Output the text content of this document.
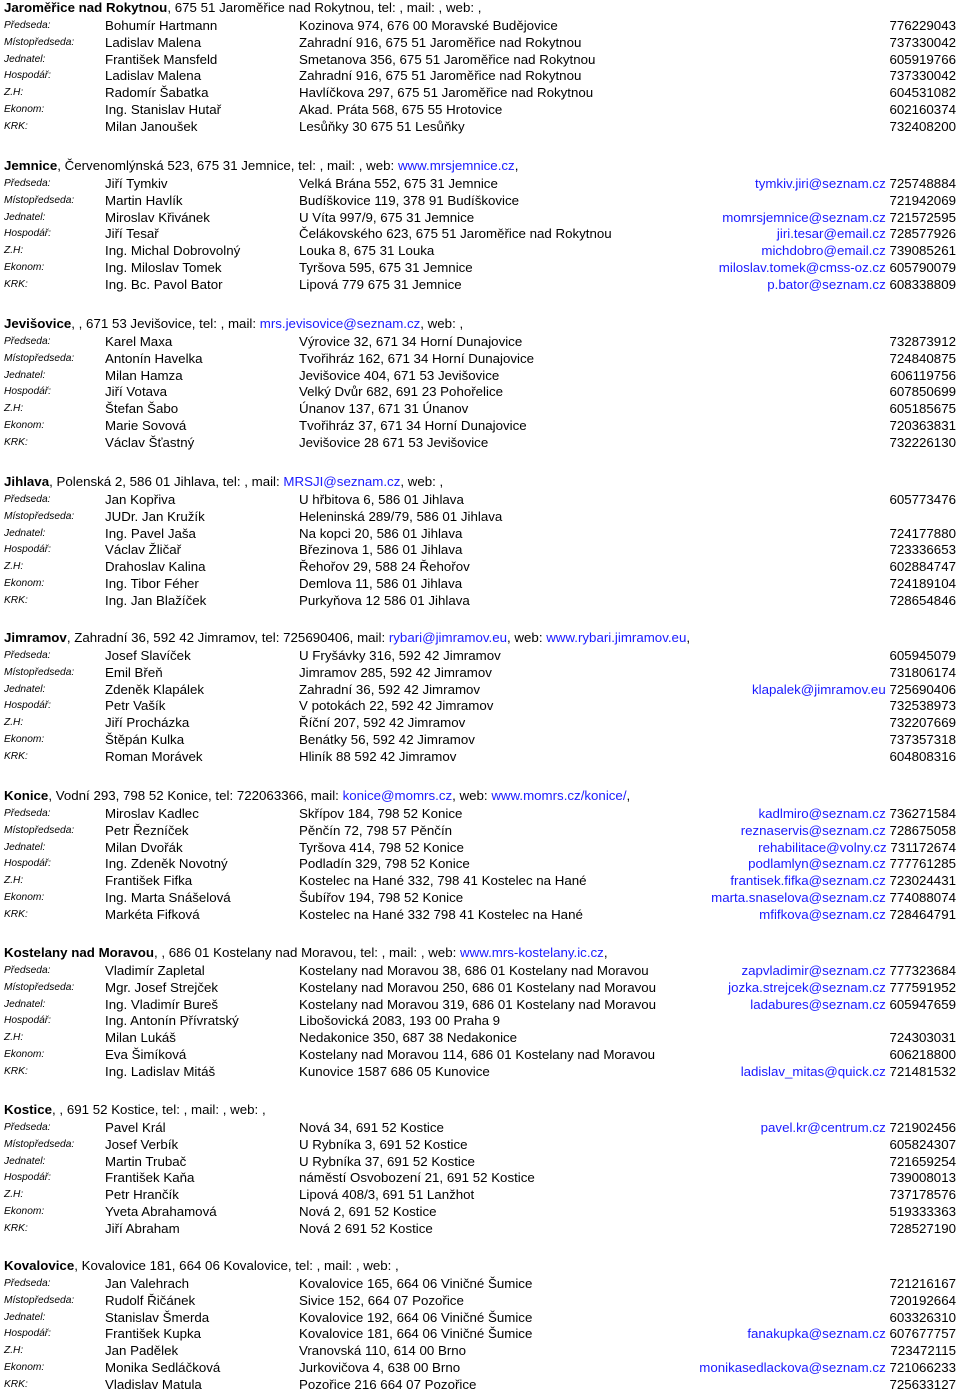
Jaroměřice nad Rokytnou, 675 51 Jaroměřice nad Rokytnou, tel: , mail: , web: ,
Předseda:	Bohumír Hartmann	Kozinova 974, 676 00 Moravské Budějovice	776229043
Místopředseda: Ladislav Malena	Zahradní 916, 675 51 Jaroměřice nad Rokytnou	737330042
Jednatel:	František Mansfeld	Smetanova 356, 675 51 Jaroměřice nad Rokytnou	605919766
Hospodář:	Ladislav Malena	Zahradní 916, 675 51 Jaroměřice nad Rokytnou	737330042
Z.H:	Radomír Šabatka	Havlíčkova 297, 675 51 Jaroměřice nad Rokytnou	604531082
Ekonom:	Ing. Stanislav Hutař	Akad. Práta 568, 675 55 Hrotovice	602160374
KRK:	Milan Janoušek	Lesůňky 30 675 51 Lesůňky	732408200
Jemnice, Červenomlýnská 523, 675 31 Jemnice, tel: , mail: , web: www.mrsjemnice.cz,
Předseda:	Jiří Tymkiv	Velká Brána 552, 675 31 Jemnice	tymkiv.jiri@seznam.cz 725748884
Místopředseda: Martin Havlík	Budíškovice 119, 378 91 Budíškovice	721942069
Jednatel:	Miroslav Křivánek	U Víta 997/9, 675 31 Jemnice	momrsjemnice@seznam.cz 721572595
Hospodář:	Jiří Tesař	Čelákovského 623, 675 51 Jaroměřice nad Rokytnou	jiri.tesar@email.cz 728577926
Z.H:	Ing. Michal Dobrovolný	Louka 8, 675 31 Louka	michdobro@email.cz 739085261
Ekonom:	Ing. Miloslav Tomek	Tyršova 595, 675 31 Jemnice	miloslav.tomek@cmss-oz.cz 605790079
KRK:	Ing. Bc. Pavol Bator	Lipová 779 675 31 Jemnice	p.bator@seznam.cz 608338809
Jevišovice, , 671 53 Jevišovice, tel: , mail: mrs.jevisovice@seznam.cz, web: ,
Předseda:	Karel Maxa	Výrovice 32, 671 34 Horní Dunajovice	732873912
Místopředseda: Antonín Havelka	Tvořihráz 162, 671 34 Horní Dunajovice	724840875
Jednatel:	Milan Hamza	Jevišovice 404, 671 53 Jevišovice	606119756
Hospodář:	Jiří Votava	Velký Dvůr 682, 691 23 Pohořelice	607850699
Z.H:	Štefan Šabo	Únanov 137, 671 31 Únanov	605185675
Ekonom:	Marie Sovová	Tvořihráz 37, 671 34 Horní Dunajovice	720363831
KRK:	Václav Šťastný	Jevišovice 28 671 53 Jevišovice	732226130
Jihlava, Polenská 2, 586 01 Jihlava, tel: , mail: MRSJI@seznam.cz, web: ,
Předseda:	Jan Kopřiva	U hřbitova 6, 586 01 Jihlava	605773476
Místopředseda: JUDr. Jan Kružík	Heleninská 289/79, 586 01 Jihlava
Jednatel:	Ing. Pavel Jaša	Na kopci 20, 586 01 Jihlava	724177880
Hospodář:	Václav Žličař	Březinova 1, 586 01 Jihlava	723336653
Z.H:	Drahoslav Kalina	Řehořov 29, 588 24 Řehořov	602884747
Ekonom:	Ing. Tibor Féher	Demlova 11, 586 01 Jihlava	724189104
KRK:	Ing. Jan Blažíček	Purkyňova 12 586 01 Jihlava	728654846
Jimramov, Zahradní 36, 592 42 Jimramov, tel: 725690406, mail: rybari@jimramov.eu, web: www.rybari.jimramov.eu,
Předseda:	Josef Slavíček	U Fryšávky 316, 592 42 Jimramov	605945079
Místopředseda: Emil Břeň	Jimramov 285, 592 42 Jimramov	731806174
Jednatel:	Zdeněk Klapálek	Zahradní 36, 592 42 Jimramov	klapalek@jimramov.eu 725690406
Hospodář:	Petr Vašík	V potokách 22, 592 42 Jimramov	732538973
Z.H:	Jiří Procházka	Říční 207, 592 42 Jimramov	732207669
Ekonom:	Štěpán Kulka	Benátky 56, 592 42 Jimramov	737357318
KRK:	Roman Morávek	Hliník 88 592 42 Jimramov	604808316
Konice, Vodní 293, 798 52 Konice, tel: 722063366, mail: konice@momrs.cz, web: www.momrs.cz/konice/,
Předseda:	Miroslav Kadlec	Skřípov 184, 798 52 Konice	kadlmiro@seznam.cz 736271584
Místopředseda: Petr Řezníček	Pěnčín 72, 798 57 Pěnčín	reznaservis@seznam.cz 728675058
Jednatel:	Milan Dvořák	Tyršova 414, 798 52 Konice	rehabilitace@volny.cz 731172674
Hospodář:	Ing. Zdeněk Novotný	Podladín 329, 798 52 Konice	podlamlyn@seznam.cz 777761285
Z.H:	František Fifka	Kostelec na Hané 332, 798 41 Kostelec na Hané	frantisek.fifka@seznam.cz 723024431
Ekonom:	Ing. Marta Snášelová	Šubířov 194, 798 52 Konice	marta.snaselova@seznam.cz 774088074
KRK:	Markéta Fifková	Kostelec na Hané 332 798 41 Kostelec na Hané	mfifkova@seznam.cz 728464791
Kostelany nad Moravou, , 686 01 Kostelany nad Moravou, tel: , mail: , web: www.mrs-kostelany.ic.cz,
Předseda:	Vladimír Zapletal	Kostelany nad Moravou 38, 686 01 Kostelany nad Moravou	zapvladimir@seznam.cz 777323684
Místopředseda: Mgr. Josef Strejček	Kostelany nad Moravou 250, 686 01 Kostelany nad Moravou	jozka.strejcek@seznam.cz 777591952
Jednatel:	Ing. Vladimír Bureš	Kostelany nad Moravou 319, 686 01 Kostelany nad Moravou	ladabures@seznam.cz 605947659
Hospodář:	Ing. Antonín Přívratský	Libošovická 2083, 193 00 Praha 9
Z.H:	Milan Lukáš	Nedakonice 350, 687 38 Nedakonice	724303031
Ekonom:	Eva Šimíková	Kostelany nad Moravou 114, 686 01 Kostelany nad Moravou	606218800
KRK:	Ing. Ladislav Mitáš	Kunovice 1587 686 05 Kunovice	ladislav_mitas@quick.cz 721481532
Kostice, , 691 52 Kostice, tel: , mail: , web: ,
Předseda:	Pavel Král	Nová 34, 691 52 Kostice	pavel.kr@centrum.cz 721902456
Místopředseda: Josef Verbík	U Rybníka 3, 691 52 Kostice	605824307
Jednatel:	Martin Trubač	U Rybníka 37, 691 52 Kostice	721659254
Hospodář:	František Kaňa	náměstí Osvobození 21, 691 52 Kostice	739008013
Z.H:	Petr Hrančík	Lipová 408/3, 691 51 Lanžhot	737178576
Ekonom:	Yveta Abrahamová	Nová 2, 691 52 Kostice	519333363
KRK:	Jiří Abraham	Nová 2 691 52 Kostice	728527190
Kovalovice, Kovalovice 181, 664 06 Kovalovice, tel: , mail: , web: ,
Předseda:	Jan Valehrach	Kovalovice 165, 664 06 Viničné Šumice	721216167
Místopředseda: Rudolf Řičánek	Sivice 152, 664 07 Pozořice	720192664
Jednatel:	Stanislav Šmerda	Kovalovice 192, 664 06 Viničné Šumice	603326310
Hospodář:	František Kupka	Kovalovice 181, 664 06 Viničné Šumice	fanakupka@seznam.cz 607677757
Z.H:	Jan Padělek	Vranovská 110, 614 00 Brno	723472115
Ekonom:	Monika Sedláčková	Jurkovičova 4, 638 00 Brno	monikasedlackova@seznam.cz 721066233
KRK:	Vladislav Matula	Pozořice 216 664 07 Pozořice	725633127
